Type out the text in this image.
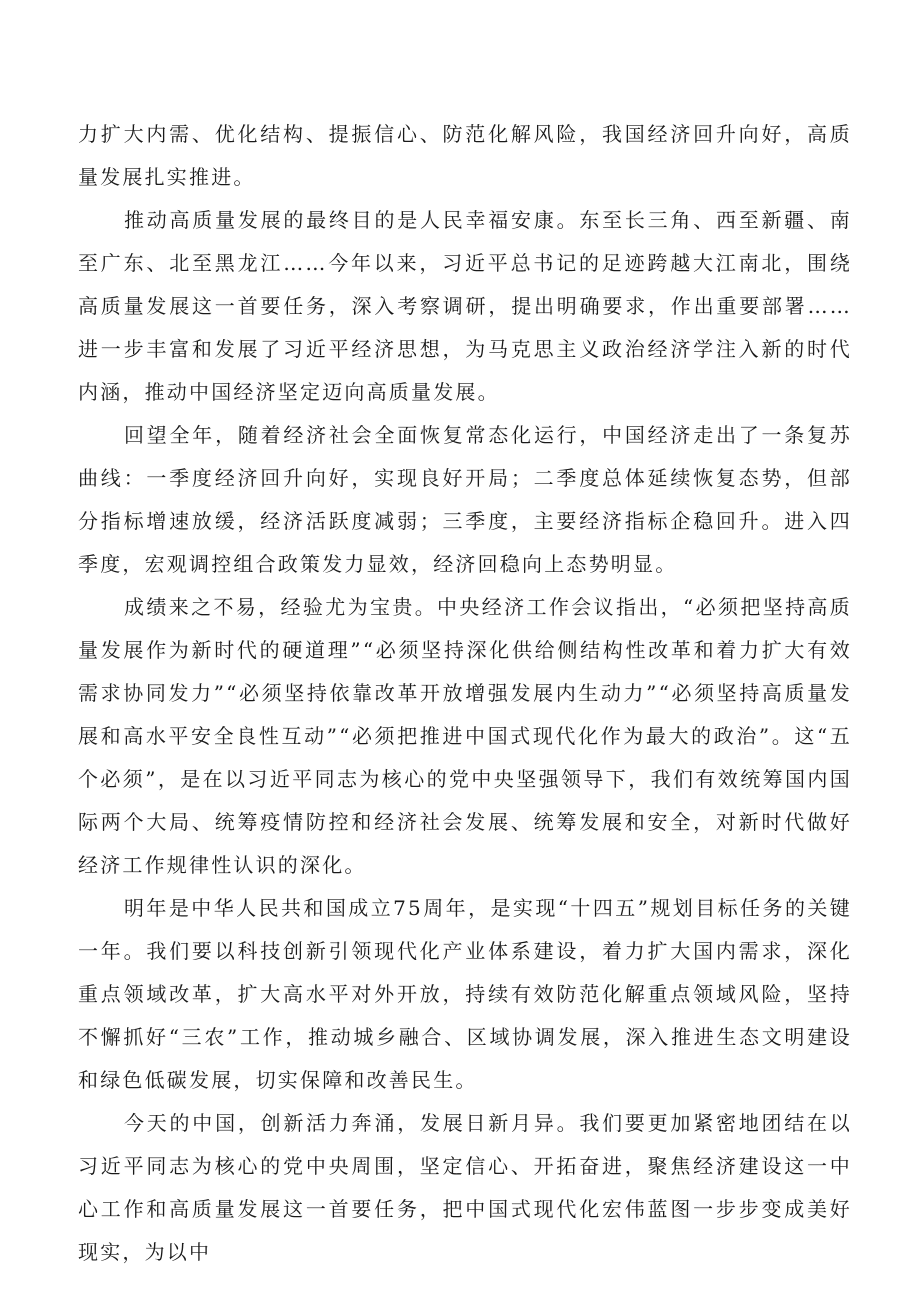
力扩大内需、优化结构、提振信心、防范化解风险，我国经济回升向好，高质量发展扎实推进。

推动高质量发展的最终目的是人民幸福安康。东至长三角、西至新疆、南至广东、北至黑龙江……今年以来，习近平总书记的足迹跨越大江南北，围绕高质量发展这一首要任务，深入考察调研，提出明确要求，作出重要部署……进一步丰富和发展了习近平经济思想，为马克思主义政治经济学注入新的时代内涵，推动中国经济坚定迈向高质量发展。

回望全年，随着经济社会全面恢复常态化运行，中国经济走出了一条复苏曲线：一季度经济回升向好，实现良好开局；二季度总体延续恢复态势，但部分指标增速放缓，经济活跃度减弱；三季度，主要经济指标企稳回升。进入四季度，宏观调控组合政策发力显效，经济回稳向上态势明显。

成绩来之不易，经验尤为宝贵。中央经济工作会议指出，“必须把坚持高质量发展作为新时代的硬道理”“必须坚持深化供给侧结构性改革和着力扩大有效需求协同发力”“必须坚持依靠改革开放增强发展内生动力”“必须坚持高质量发展和高水平安全良性互动”“必须把推进中国式现代化作为最大的政治”。这“五个必须”，是在以习近平同志为核心的党中央坚强领导下，我们有效统筹国内国际两个大局、统筹疫情防控和经济社会发展、统筹发展和安全，对新时代做好经济工作规律性认识的深化。

明年是中华人民共和国成立75周年，是实现“十四五”规划目标任务的关键一年。我们要以科技创新引领现代化产业体系建设，着力扩大国内需求，深化重点领域改革，扩大高水平对外开放，持续有效防范化解重点领域风险，坚持不懈抓好“三农”工作，推动城乡融合、区域协调发展，深入推进生态文明建设和绿色低碳发展，切实保障和改善民生。

今天的中国，创新活力奔涌，发展日新月异。我们要更加紧密地团结在以习近平同志为核心的党中央周围，坚定信心、开拓奋进，聚焦经济建设这一中心工作和高质量发展这一首要任务，把中国式现代化宏伟蓝图一步步变成美好现实，为以中
